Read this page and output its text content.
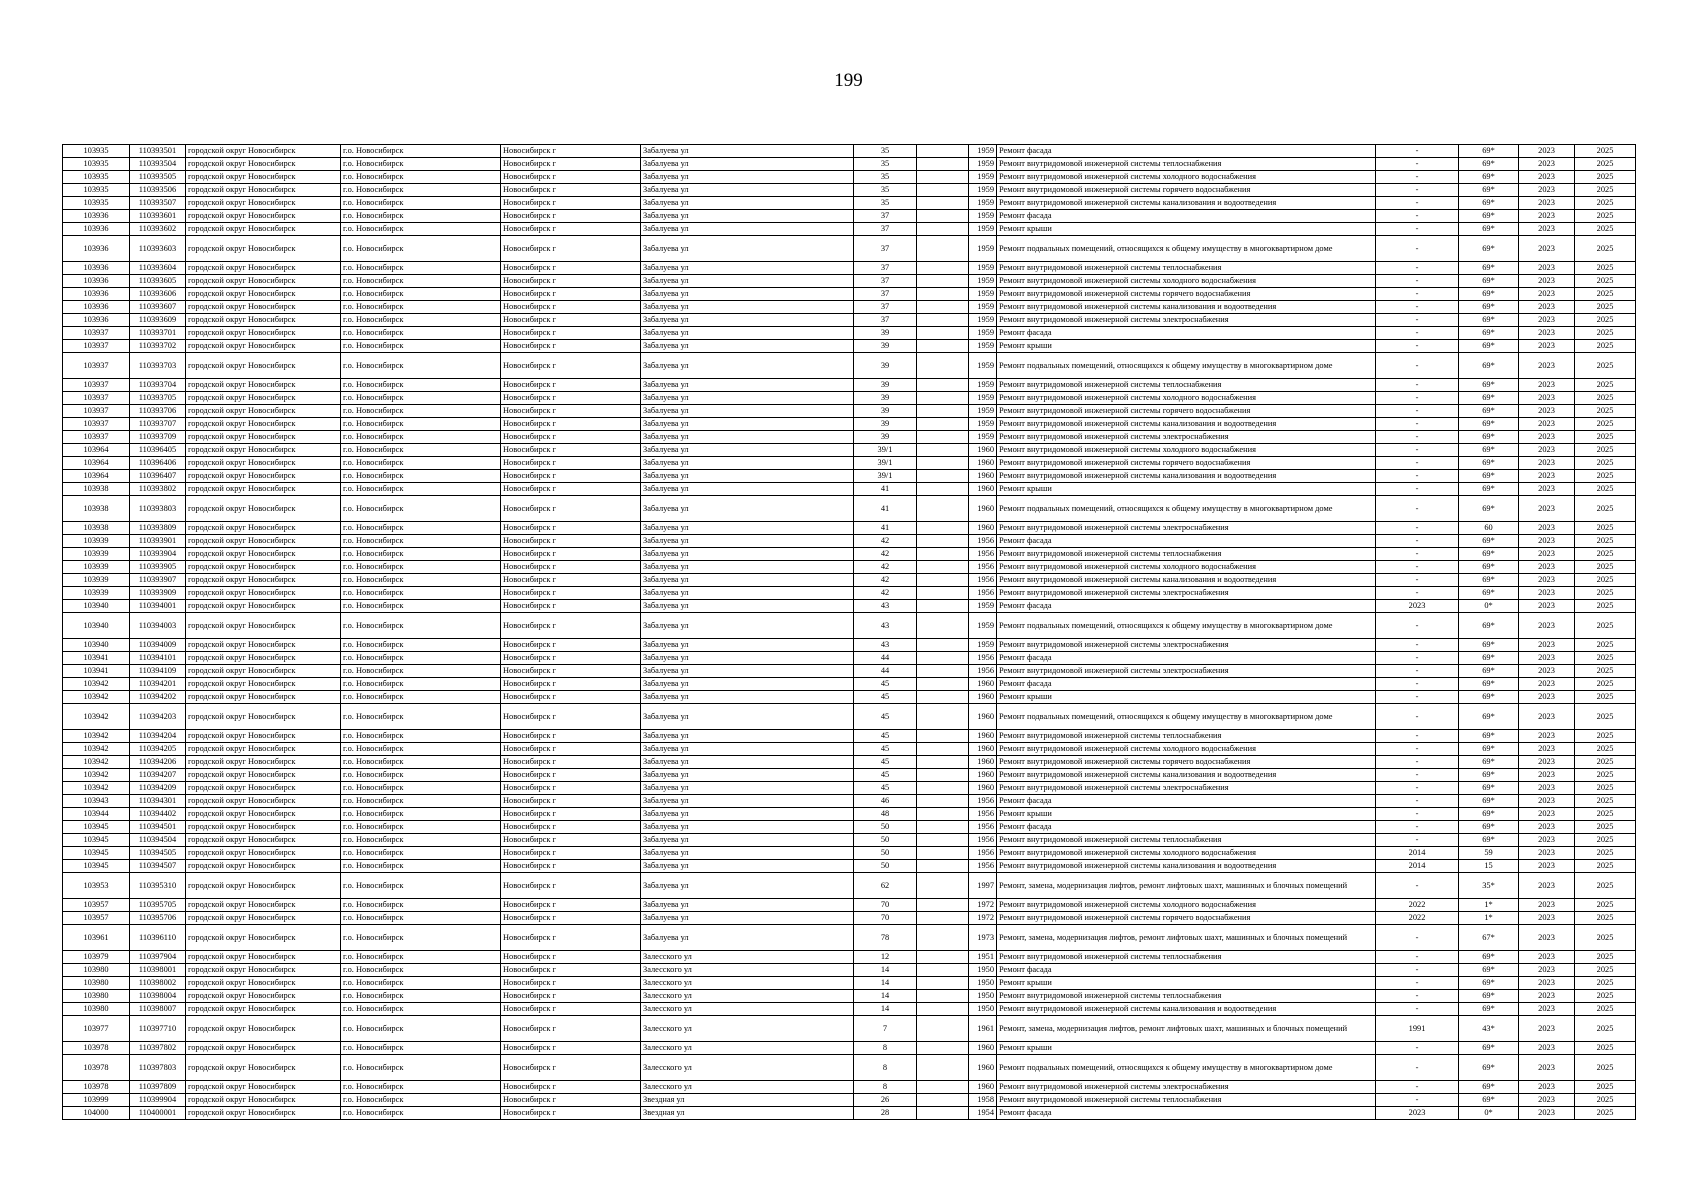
199
103935	110393501	городской округ Новосибирск	г.о. Новосибирск	Новосибирск г	Забалуева ул	35		1959	Ремонт фасада	-	69*	2023	2025
103935	110393504	городской округ Новосибирск	г.о. Новосибирск	Новосибирск г	Забалуева ул	35		1959	Ремонт внутридомовой инженерной системы теплоснабжения	-	69*	2023	2025
103935	110393505	городской округ Новосибирск	г.о. Новосибирск	Новосибирск г	Забалуева ул	35		1959	Ремонт внутридомовой инженерной системы холодного водоснабжения	-	69*	2023	2025
103935	110393506	городской округ Новосибирск	г.о. Новосибирск	Новосибирск г	Забалуева ул	35		1959	Ремонт внутридомовой инженерной системы горячего водоснабжения	-	69*	2023	2025
103935	110393507	городской округ Новосибирск	г.о. Новосибирск	Новосибирск г	Забалуева ул	35		1959	Ремонт внутридомовой инженерной системы канализования и водоотведения	-	69*	2023	2025
103936	110393601	городской округ Новосибирск	г.о. Новосибирск	Новосибирск г	Забалуева ул	37		1959	Ремонт фасада	-	69*	2023	2025
103936	110393602	городской округ Новосибирск	г.о. Новосибирск	Новосибирск г	Забалуева ул	37		1959	Ремонт крыши	-	69*	2023	2025
103936	110393603	городской округ Новосибирск	г.о. Новосибирск	Новосибирск г	Забалуева ул	37		1959	Ремонт подвальных помещений, относящихся к общему имуществу в многоквартирном доме	-	69*	2023	2025
103936	110393604	городской округ Новосибирск	г.о. Новосибирск	Новосибирск г	Забалуева ул	37		1959	Ремонт внутридомовой инженерной системы теплоснабжения	-	69*	2023	2025
103936	110393605	городской округ Новосибирск	г.о. Новосибирск	Новосибирск г	Забалуева ул	37		1959	Ремонт внутридомовой инженерной системы холодного водоснабжения	-	69*	2023	2025
103936	110393606	городской округ Новосибирск	г.о. Новосибирск	Новосибирск г	Забалуева ул	37		1959	Ремонт внутридомовой инженерной системы горячего водоснабжения	-	69*	2023	2025
103936	110393607	городской округ Новосибирск	г.о. Новосибирск	Новосибирск г	Забалуева ул	37		1959	Ремонт внутридомовой инженерной системы канализования и водоотведения	-	69*	2023	2025
103936	110393609	городской округ Новосибирск	г.о. Новосибирск	Новосибирск г	Забалуева ул	37		1959	Ремонт внутридомовой инженерной системы электроснабжения	-	69*	2023	2025
103937	110393701	городской округ Новосибирск	г.о. Новосибирск	Новосибирск г	Забалуева ул	39		1959	Ремонт фасада	-	69*	2023	2025
103937	110393702	городской округ Новосибирск	г.о. Новосибирск	Новосибирск г	Забалуева ул	39		1959	Ремонт крыши	-	69*	2023	2025
103937	110393703	городской округ Новосибирск	г.о. Новосибирск	Новосибирск г	Забалуева ул	39		1959	Ремонт подвальных помещений, относящихся к общему имуществу в многоквартирном доме	-	69*	2023	2025
103937	110393704	городской округ Новосибирск	г.о. Новосибирск	Новосибирск г	Забалуева ул	39		1959	Ремонт внутридомовой инженерной системы теплоснабжения	-	69*	2023	2025
103937	110393705	городской округ Новосибирск	г.о. Новосибирск	Новосибирск г	Забалуева ул	39		1959	Ремонт внутридомовой инженерной системы холодного водоснабжения	-	69*	2023	2025
103937	110393706	городской округ Новосибирск	г.о. Новосибирск	Новосибирск г	Забалуева ул	39		1959	Ремонт внутридомовой инженерной системы горячего водоснабжения	-	69*	2023	2025
103937	110393707	городской округ Новосибирск	г.о. Новосибирск	Новосибирск г	Забалуева ул	39		1959	Ремонт внутридомовой инженерной системы канализования и водоотведения	-	69*	2023	2025
103937	110393709	городской округ Новосибирск	г.о. Новосибирск	Новосибирск г	Забалуева ул	39		1959	Ремонт внутридомовой инженерной системы электроснабжения	-	69*	2023	2025
103964	110396405	городской округ Новосибирск	г.о. Новосибирск	Новосибирск г	Забалуева ул	39/1		1960	Ремонт внутридомовой инженерной системы холодного водоснабжения	-	69*	2023	2025
103964	110396406	городской округ Новосибирск	г.о. Новосибирск	Новосибирск г	Забалуева ул	39/1		1960	Ремонт внутридомовой инженерной системы горячего водоснабжения	-	69*	2023	2025
103964	110396407	городской округ Новосибирск	г.о. Новосибирск	Новосибирск г	Забалуева ул	39/1		1960	Ремонт внутридомовой инженерной системы канализования и водоотведения	-	69*	2023	2025
103938	110393802	городской округ Новосибирск	г.о. Новосибирск	Новосибирск г	Забалуева ул	41		1960	Ремонт крыши	-	69*	2023	2025
103938	110393803	городской округ Новосибирск	г.о. Новосибирск	Новосибирск г	Забалуева ул	41		1960	Ремонт подвальных помещений, относящихся к общему имуществу в многоквартирном доме	-	69*	2023	2025
103938	110393809	городской округ Новосибирск	г.о. Новосибирск	Новосибирск г	Забалуева ул	41		1960	Ремонт внутридомовой инженерной системы электроснабжения	-	60	2023	2025
103939	110393901	городской округ Новосибирск	г.о. Новосибирск	Новосибирск г	Забалуева ул	42		1956	Ремонт фасада	-	69*	2023	2025
103939	110393904	городской округ Новосибирск	г.о. Новосибирск	Новосибирск г	Забалуева ул	42		1956	Ремонт внутридомовой инженерной системы теплоснабжения	-	69*	2023	2025
103939	110393905	городской округ Новосибирск	г.о. Новосибирск	Новосибирск г	Забалуева ул	42		1956	Ремонт внутридомовой инженерной системы холодного водоснабжения	-	69*	2023	2025
103939	110393907	городской округ Новосибирск	г.о. Новосибирск	Новосибирск г	Забалуева ул	42		1956	Ремонт внутридомовой инженерной системы канализования и водоотведения	-	69*	2023	2025
103939	110393909	городской округ Новосибирск	г.о. Новосибирск	Новосибирск г	Забалуева ул	42		1956	Ремонт внутридомовой инженерной системы электроснабжения	-	69*	2023	2025
103940	110394001	городской округ Новосибирск	г.о. Новосибирск	Новосибирск г	Забалуева ул	43		1959	Ремонт фасада	2023	0*	2023	2025
103940	110394003	городской округ Новосибирск	г.о. Новосибирск	Новосибирск г	Забалуева ул	43		1959	Ремонт подвальных помещений, относящихся к общему имуществу в многоквартирном доме	-	69*	2023	2025
103940	110394009	городской округ Новосибирск	г.о. Новосибирск	Новосибирск г	Забалуева ул	43		1959	Ремонт внутридомовой инженерной системы электроснабжения	-	69*	2023	2025
103941	110394101	городской округ Новосибирск	г.о. Новосибирск	Новосибирск г	Забалуева ул	44		1956	Ремонт фасада	-	69*	2023	2025
103941	110394109	городской округ Новосибирск	г.о. Новосибирск	Новосибирск г	Забалуева ул	44		1956	Ремонт внутридомовой инженерной системы электроснабжения	-	69*	2023	2025
103942	110394201	городской округ Новосибирск	г.о. Новосибирск	Новосибирск г	Забалуева ул	45		1960	Ремонт фасада	-	69*	2023	2025
103942	110394202	городской округ Новосибирск	г.о. Новосибирск	Новосибирск г	Забалуева ул	45		1960	Ремонт крыши	-	69*	2023	2025
103942	110394203	городской округ Новосибирск	г.о. Новосибирск	Новосибирск г	Забалуева ул	45		1960	Ремонт подвальных помещений, относящихся к общему имуществу в многоквартирном доме	-	69*	2023	2025
103942	110394204	городской округ Новосибирск	г.о. Новосибирск	Новосибирск г	Забалуева ул	45		1960	Ремонт внутридомовой инженерной системы теплоснабжения	-	69*	2023	2025
103942	110394205	городской округ Новосибирск	г.о. Новосибирск	Новосибирск г	Забалуева ул	45		1960	Ремонт внутридомовой инженерной системы холодного водоснабжения	-	69*	2023	2025
103942	110394206	городской округ Новосибирск	г.о. Новосибирск	Новосибирск г	Забалуева ул	45		1960	Ремонт внутридомовой инженерной системы горячего водоснабжения	-	69*	2023	2025
103942	110394207	городской округ Новосибирск	г.о. Новосибирск	Новосибирск г	Забалуева ул	45		1960	Ремонт внутридомовой инженерной системы канализования и водоотведения	-	69*	2023	2025
103942	110394209	городской округ Новосибирск	г.о. Новосибирск	Новосибирск г	Забалуева ул	45		1960	Ремонт внутридомовой инженерной системы электроснабжения	-	69*	2023	2025
103943	110394301	городской округ Новосибирск	г.о. Новосибирск	Новосибирск г	Забалуева ул	46		1956	Ремонт фасада	-	69*	2023	2025
103944	110394402	городской округ Новосибирск	г.о. Новосибирск	Новосибирск г	Забалуева ул	48		1956	Ремонт крыши	-	69*	2023	2025
103945	110394501	городской округ Новосибирск	г.о. Новосибирск	Новосибирск г	Забалуева ул	50		1956	Ремонт фасада	-	69*	2023	2025
103945	110394504	городской округ Новосибирск	г.о. Новосибирск	Новосибирск г	Забалуева ул	50		1956	Ремонт внутридомовой инженерной системы теплоснабжения	-	69*	2023	2025
103945	110394505	городской округ Новосибирск	г.о. Новосибирск	Новосибирск г	Забалуева ул	50		1956	Ремонт внутридомовой инженерной системы холодного водоснабжения	2014	59	2023	2025
103945	110394507	городской округ Новосибирск	г.о. Новосибирск	Новосибирск г	Забалуева ул	50		1956	Ремонт внутридомовой инженерной системы канализования и водоотведения	2014	15	2023	2025
103953	110395310	городской округ Новосибирск	г.о. Новосибирск	Новосибирск г	Забалуева ул	62		1997	Ремонт, замена, модернизация лифтов, ремонт лифтовых шахт, машинных и блочных помещений	-	35*	2023	2025
103957	110395705	городской округ Новосибирск	г.о. Новосибирск	Новосибирск г	Забалуева ул	70		1972	Ремонт внутридомовой инженерной системы холодного водоснабжения	2022	1*	2023	2025
103957	110395706	городской округ Новосибирск	г.о. Новосибирск	Новосибирск г	Забалуева ул	70		1972	Ремонт внутридомовой инженерной системы горячего водоснабжения	2022	1*	2023	2025
103961	110396110	городской округ Новосибирск	г.о. Новосибирск	Новосибирск г	Забалуева ул	78		1973	Ремонт, замена, модернизация лифтов, ремонт лифтовых шахт, машинных и блочных помещений	-	67*	2023	2025
103979	110397904	городской округ Новосибирск	г.о. Новосибирск	Новосибирск г	Залесского ул	12		1951	Ремонт внутридомовой инженерной системы теплоснабжения	-	69*	2023	2025
103980	110398001	городской округ Новосибирск	г.о. Новосибирск	Новосибирск г	Залесского ул	14		1950	Ремонт фасада	-	69*	2023	2025
103980	110398002	городской округ Новосибирск	г.о. Новосибирск	Новосибирск г	Залесского ул	14		1950	Ремонт крыши	-	69*	2023	2025
103980	110398004	городской округ Новосибирск	г.о. Новосибирск	Новосибирск г	Залесского ул	14		1950	Ремонт внутридомовой инженерной системы теплоснабжения	-	69*	2023	2025
103980	110398007	городской округ Новосибирск	г.о. Новосибирск	Новосибирск г	Залесского ул	14		1950	Ремонт внутридомовой инженерной системы канализования и водоотведения	-	69*	2023	2025
103977	110397710	городской округ Новосибирск	г.о. Новосибирск	Новосибирск г	Залесского ул	7		1961	Ремонт, замена, модернизация лифтов, ремонт лифтовых шахт, машинных и блочных помещений	1991	43*	2023	2025
103978	110397802	городской округ Новосибирск	г.о. Новосибирск	Новосибирск г	Залесского ул	8		1960	Ремонт крыши	-	69*	2023	2025
103978	110397803	городской округ Новосибирск	г.о. Новосибирск	Новосибирск г	Залесского ул	8		1960	Ремонт подвальных помещений, относящихся к общему имуществу в многоквартирном доме	-	69*	2023	2025
103978	110397809	городской округ Новосибирск	г.о. Новосибирск	Новосибирск г	Залесского ул	8		1960	Ремонт внутридомовой инженерной системы электроснабжения	-	69*	2023	2025
103999	110399904	городской округ Новосибирск	г.о. Новосибирск	Новосибирск г	Звездная ул	26		1958	Ремонт внутридомовой инженерной системы теплоснабжения	-	69*	2023	2025
104000	110400001	городской округ Новосибирск	г.о. Новосибирск	Новосибирск г	Звездная ул	28		1954	Ремонт фасада	2023	0*	2023	2025
